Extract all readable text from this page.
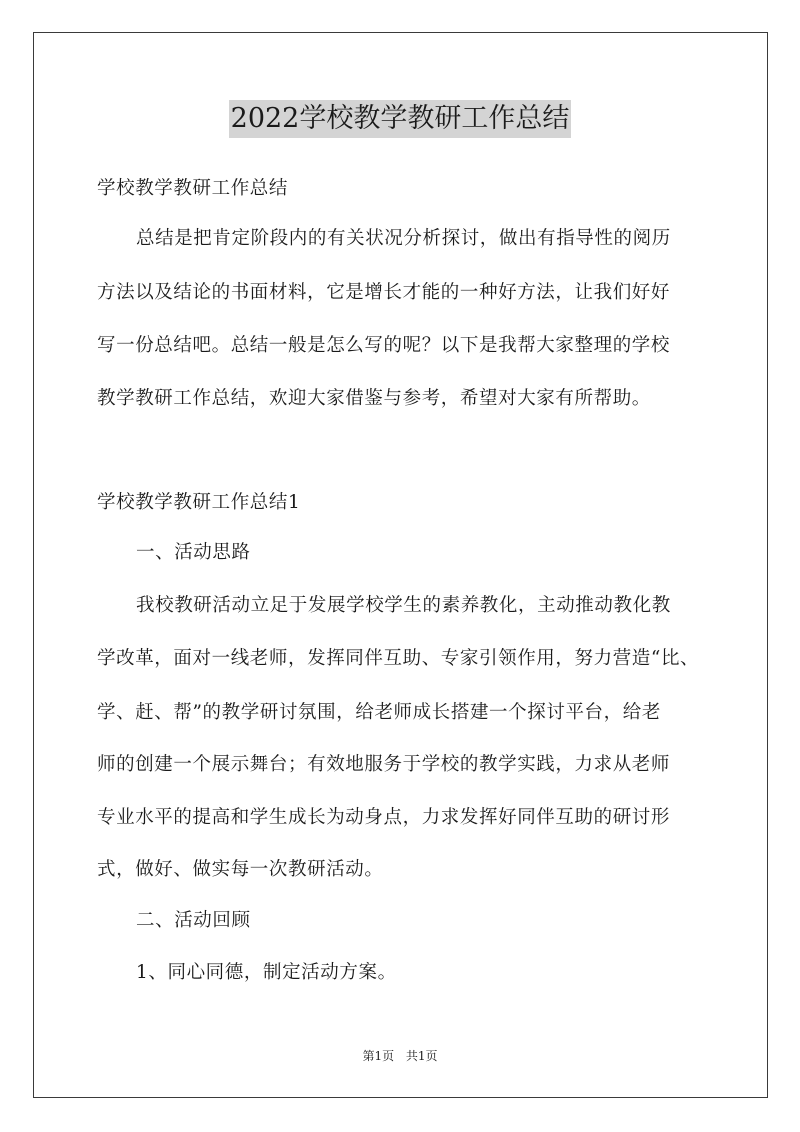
2022学校教学教研工作总结
学校教学教研工作总结
总结是把肯定阶段内的有关状况分析探讨，做出有指导性的阅历
方法以及结论的书面材料，它是增长才能的一种好方法，让我们好好
写一份总结吧。总结一般是怎么写的呢？以下是我帮大家整理的学校
教学教研工作总结，欢迎大家借鉴与参考，希望对大家有所帮助。
学校教学教研工作总结1
一、活动思路
我校教研活动立足于发展学校学生的素养教化，主动推动教化教
学改革，面对一线老师，发挥同伴互助、专家引领作用，努力营造“比、
学、赶、帮”的教学研讨氛围，给老师成长搭建一个探讨平台，给老
师的创建一个展示舞台；有效地服务于学校的教学实践，力求从老师
专业水平的提高和学生成长为动身点，力求发挥好同伴互助的研讨形
式，做好、做实每一次教研活动。
二、活动回顾
1、同心同德，制定活动方案。
第1页 共1页
